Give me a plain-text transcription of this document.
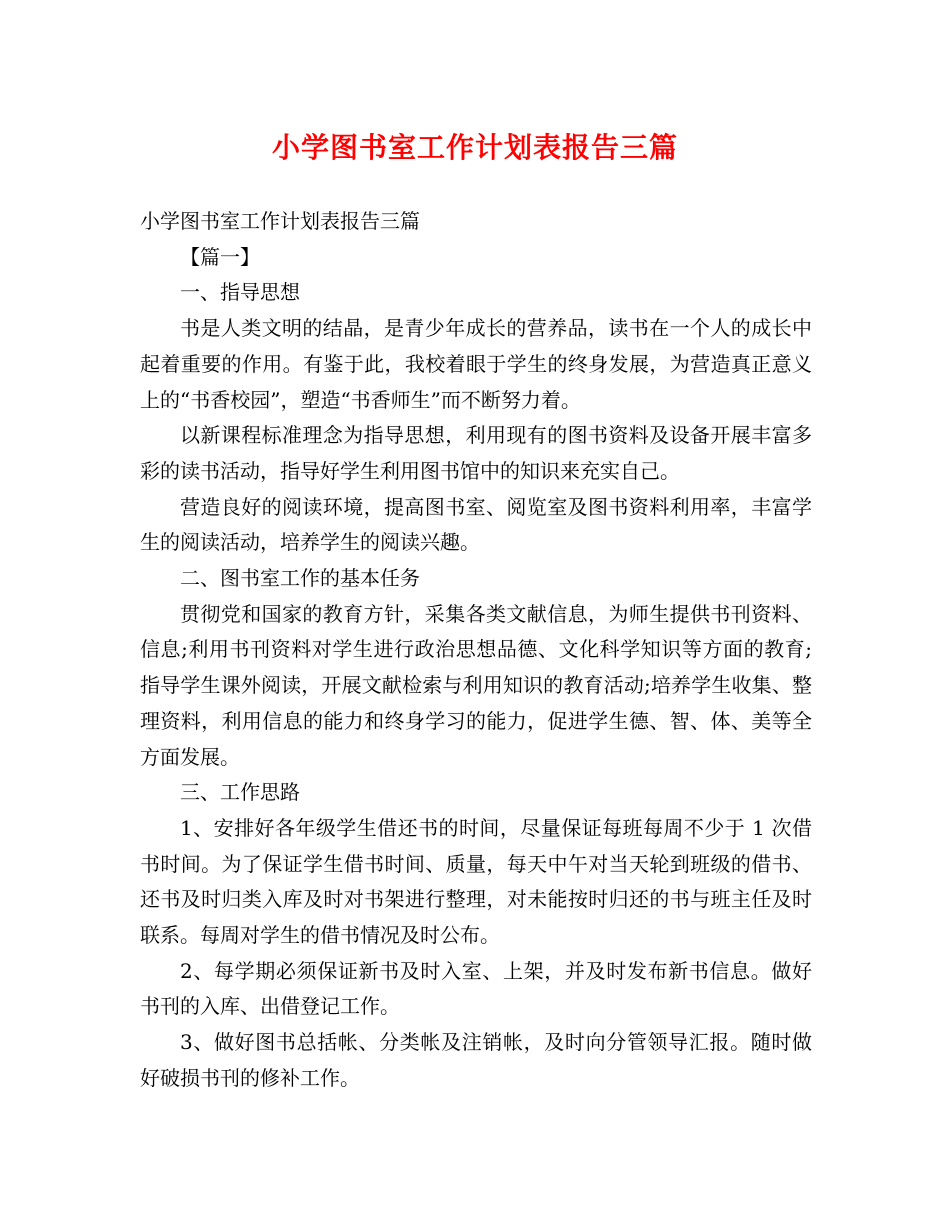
小学图书室工作计划表报告三篇

小学图书室工作计划表报告三篇

【篇一】

一、指导思想

书是人类文明的结晶，是青少年成长的营养品，读书在一个人的成长中起着重要的作用。有鉴于此，我校着眼于学生的终身发展，为营造真正意义上的“书香校园”，塑造“书香师生”而不断努力着。

以新课程标准理念为指导思想，利用现有的图书资料及设备开展丰富多彩的读书活动，指导好学生利用图书馆中的知识来充实自己。

营造良好的阅读环境，提高图书室、阅览室及图书资料利用率，丰富学生的阅读活动，培养学生的阅读兴趣。

二、图书室工作的基本任务

贯彻党和国家的教育方针，采集各类文献信息，为师生提供书刊资料、信息;利用书刊资料对学生进行政治思想品德、文化科学知识等方面的教育;指导学生课外阅读，开展文献检索与利用知识的教育活动;培养学生收集、整理资料，利用信息的能力和终身学习的能力，促进学生德、智、体、美等全方面发展。

三、工作思路

1、安排好各年级学生借还书的时间，尽量保证每班每周不少于 1 次借书时间。为了保证学生借书时间、质量，每天中午对当天轮到班级的借书、还书及时归类入库及时对书架进行整理，对未能按时归还的书与班主任及时联系。每周对学生的借书情况及时公布。

2、每学期必须保证新书及时入室、上架，并及时发布新书信息。做好书刊的入库、出借登记工作。

3、做好图书总括帐、分类帐及注销帐，及时向分管领导汇报。随时做好破损书刊的修补工作。
